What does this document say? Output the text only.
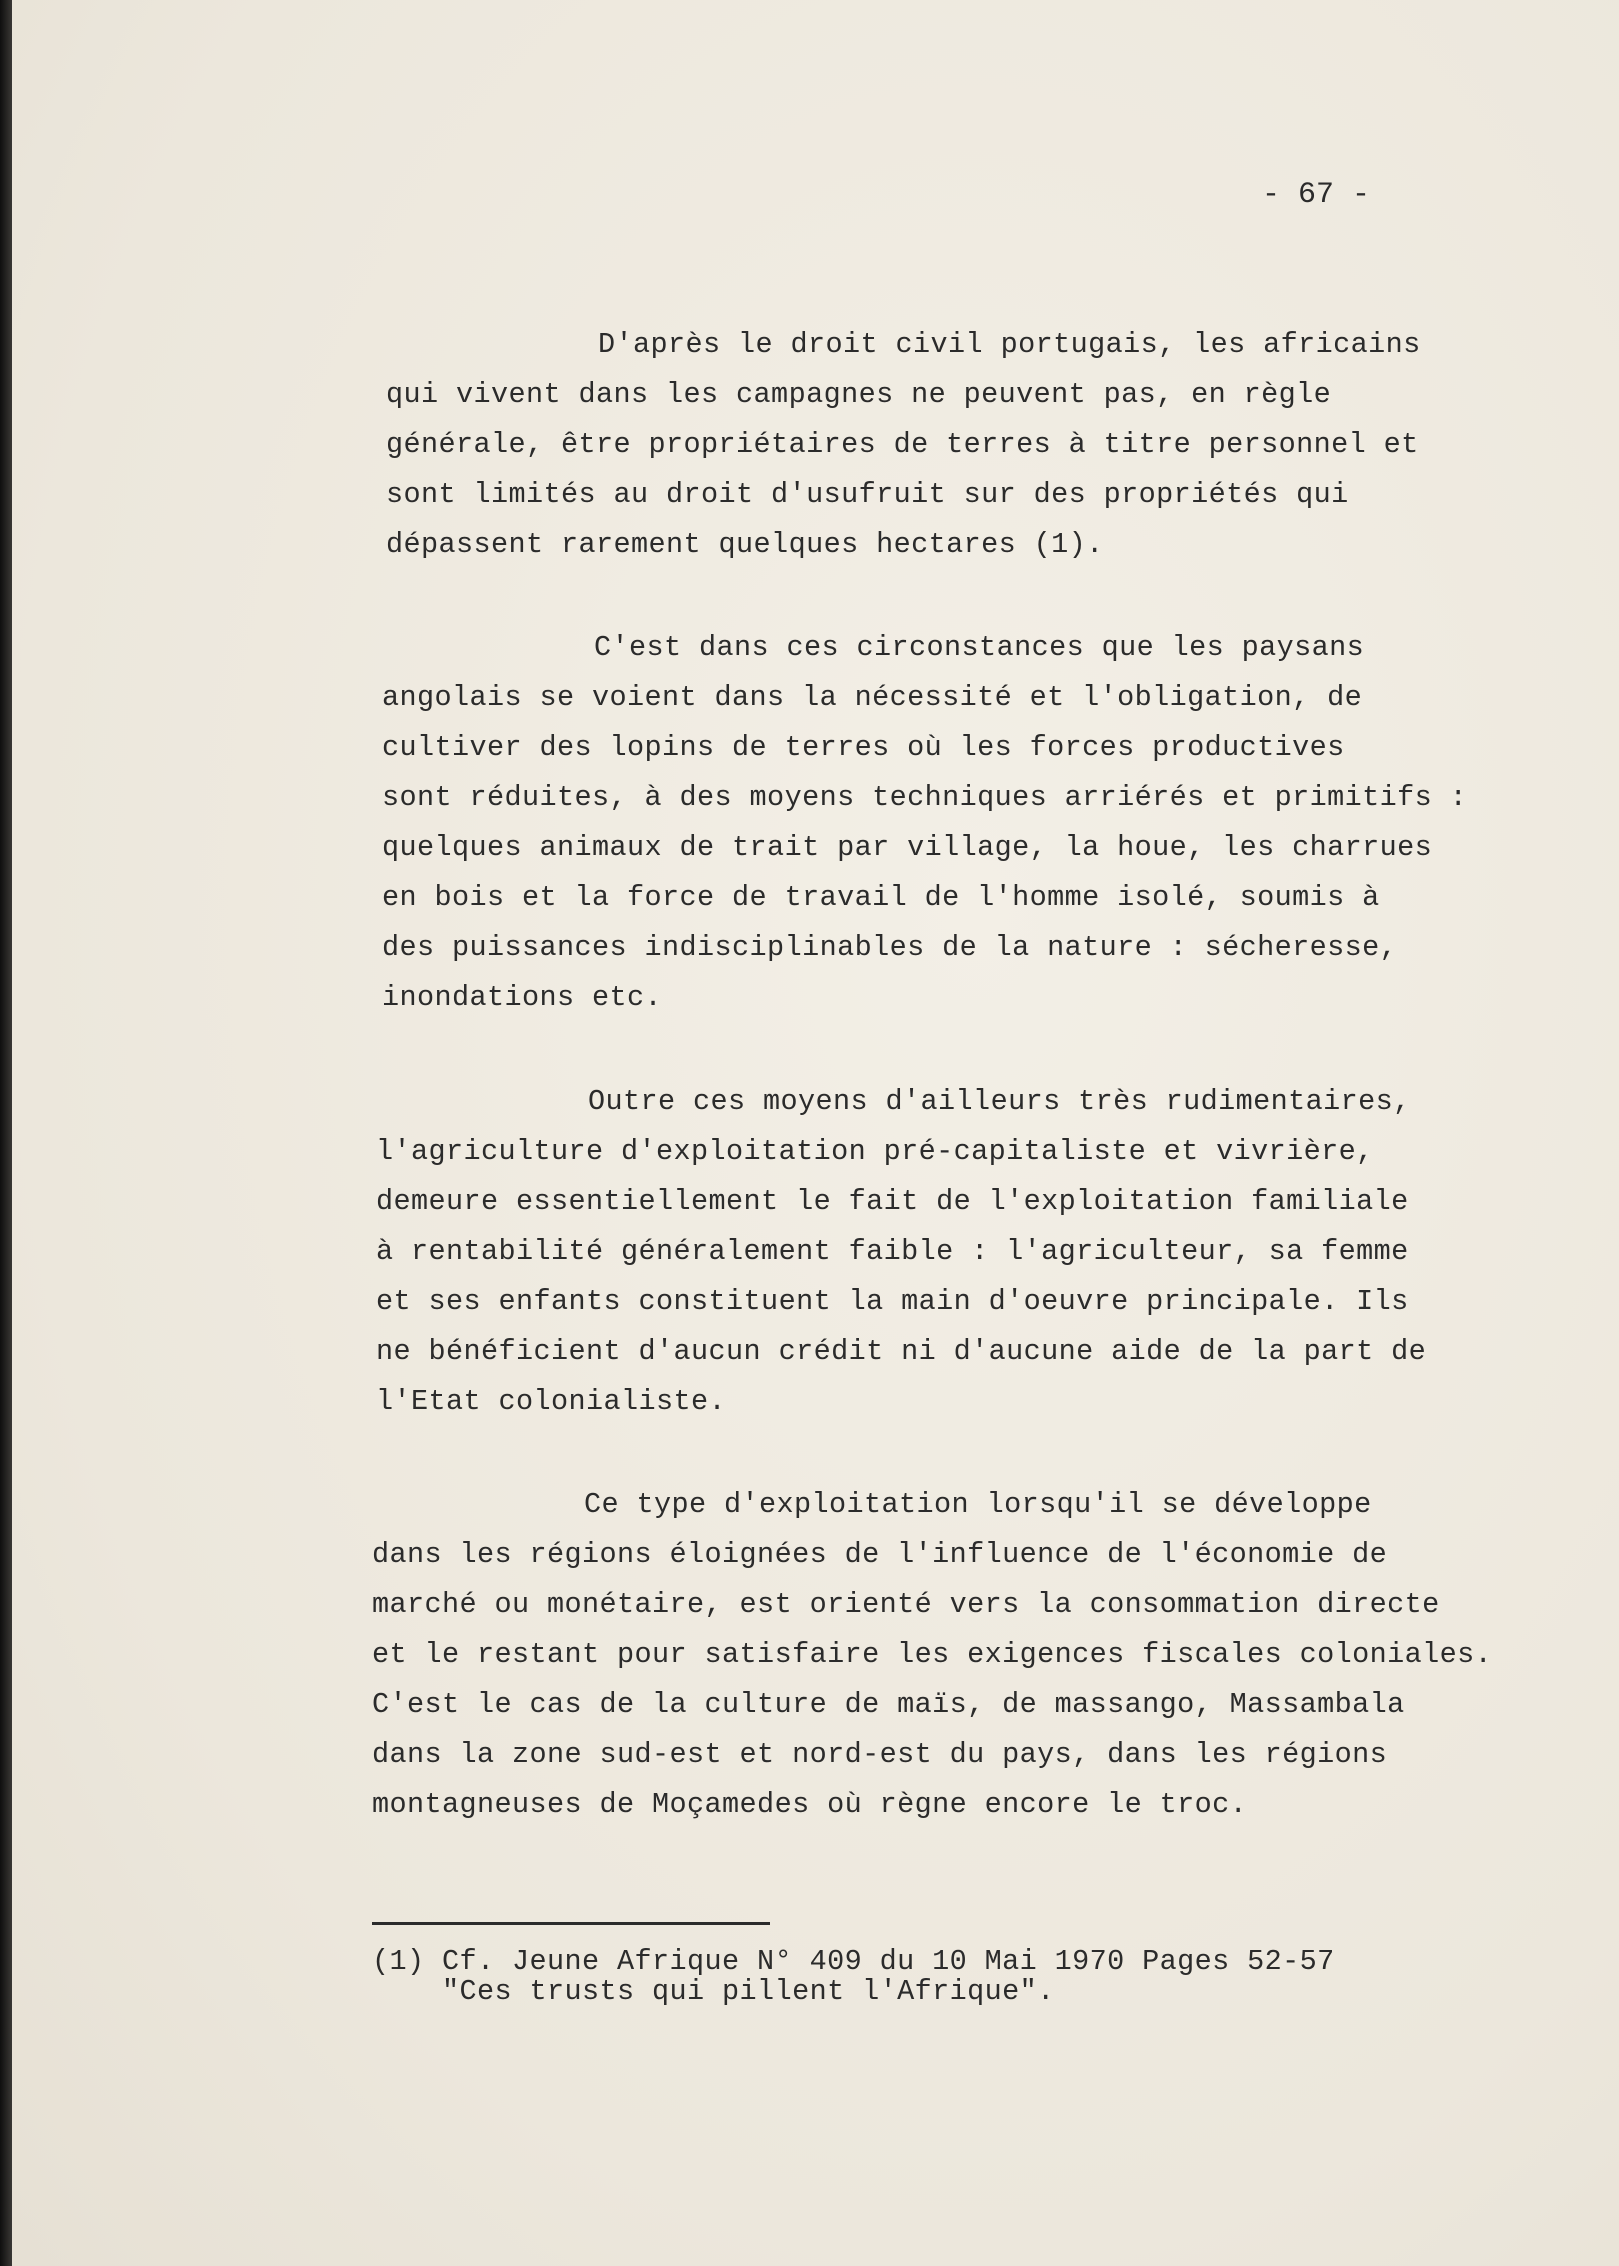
- 67 -
D'après le droit civil portugais, les africains
qui vivent dans les campagnes ne peuvent pas, en règle
générale, être propriétaires de terres à titre personnel et
sont limités au droit d'usufruit sur des propriétés qui
dépassent rarement quelques hectares (1).
C'est dans ces circonstances que les paysans
angolais se voient dans la nécessité et l'obligation, de
cultiver des lopins de terres où les forces productives
sont réduites, à des moyens techniques arriérés et primitifs :
quelques animaux de trait par village, la houe, les charrues
en bois et la force de travail de l'homme isolé, soumis à
des puissances indisciplinables de la nature : sécheresse,
inondations etc.
Outre ces moyens d'ailleurs très rudimentaires,
l'agriculture d'exploitation pré-capitaliste et vivrière,
demeure essentiellement le fait de l'exploitation familiale
à rentabilité généralement faible : l'agriculteur, sa femme
et ses enfants constituent la main d'oeuvre principale. Ils
ne bénéficient d'aucun crédit ni d'aucune aide de la part de
l'Etat colonialiste.
Ce type d'exploitation lorsqu'il se développe
dans les régions éloignées de l'influence de l'économie de
marché ou monétaire, est orienté vers la consommation directe
et le restant pour satisfaire les exigences fiscales coloniales.
C'est le cas de la culture de maïs, de massango, Massambala
dans la zone sud-est et nord-est du pays, dans les régions
montagneuses de Moçamedes où règne encore le troc.
(1) Cf. Jeune Afrique N° 409 du 10 Mai 1970 Pages 52-57
"Ces trusts qui pillent l'Afrique".
